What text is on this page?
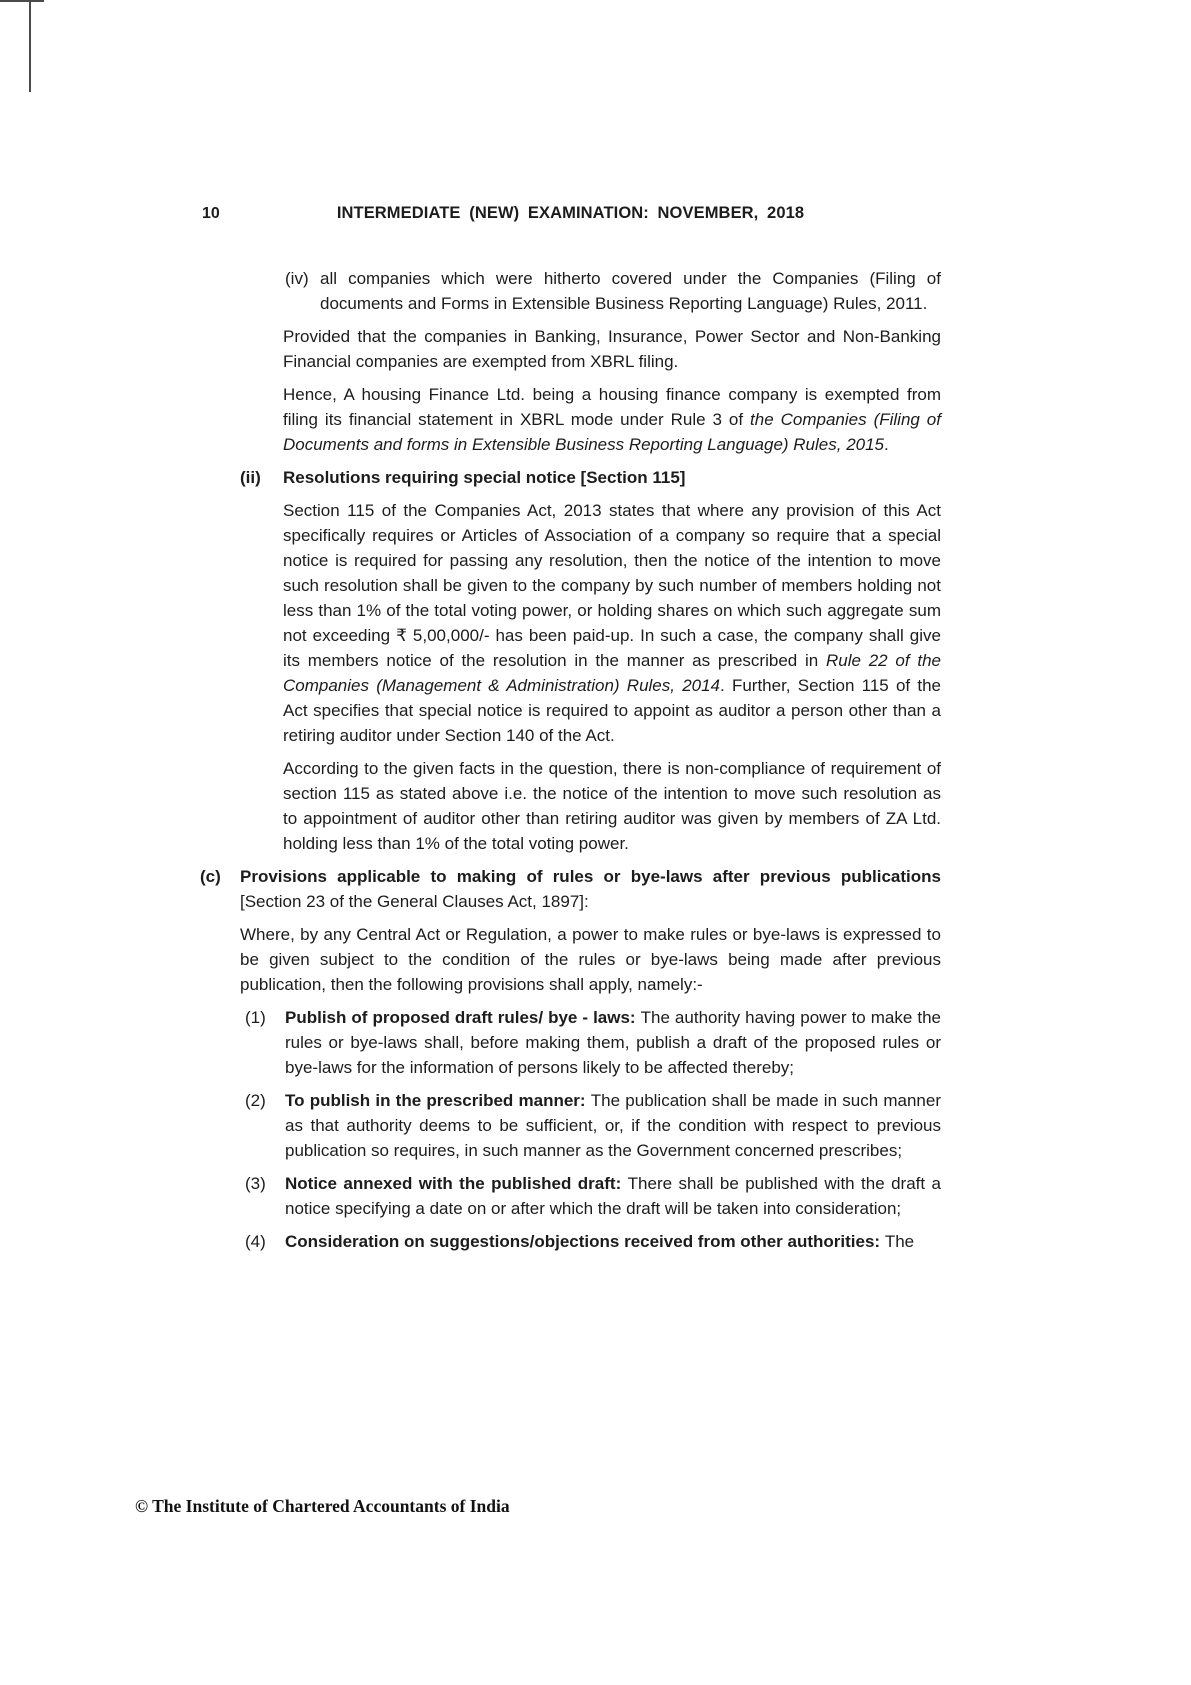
10	INTERMEDIATE (NEW) EXAMINATION: NOVEMBER, 2018
(iv) all companies which were hitherto covered under the Companies (Filing of documents and Forms in Extensible Business Reporting Language) Rules, 2011.
Provided that the companies in Banking, Insurance, Power Sector and Non-Banking Financial companies are exempted from XBRL filing.
Hence, A housing Finance Ltd. being a housing finance company is exempted from filing its financial statement in XBRL mode under Rule 3 of the Companies (Filing of Documents and forms in Extensible Business Reporting Language) Rules, 2015.
(ii) Resolutions requiring special notice [Section 115]
Section 115 of the Companies Act, 2013 states that where any provision of this Act specifically requires or Articles of Association of a company so require that a special notice is required for passing any resolution, then the notice of the intention to move such resolution shall be given to the company by such number of members holding not less than 1% of the total voting power, or holding shares on which such aggregate sum not exceeding ₹ 5,00,000/- has been paid-up. In such a case, the company shall give its members notice of the resolution in the manner as prescribed in Rule 22 of the Companies (Management & Administration) Rules, 2014. Further, Section 115 of the Act specifies that special notice is required to appoint as auditor a person other than a retiring auditor under Section 140 of the Act.
According to the given facts in the question, there is non-compliance of requirement of section 115 as stated above i.e. the notice of the intention to move such resolution as to appointment of auditor other than retiring auditor was given by members of ZA Ltd. holding less than 1% of the total voting power.
(c) Provisions applicable to making of rules or bye-laws after previous publications [Section 23 of the General Clauses Act, 1897]:
Where, by any Central Act or Regulation, a power to make rules or bye-laws is expressed to be given subject to the condition of the rules or bye-laws being made after previous publication, then the following provisions shall apply, namely:-
(1) Publish of proposed draft rules/ bye - laws: The authority having power to make the rules or bye-laws shall, before making them, publish a draft of the proposed rules or bye-laws for the information of persons likely to be affected thereby;
(2) To publish in the prescribed manner: The publication shall be made in such manner as that authority deems to be sufficient, or, if the condition with respect to previous publication so requires, in such manner as the Government concerned prescribes;
(3) Notice annexed with the published draft: There shall be published with the draft a notice specifying a date on or after which the draft will be taken into consideration;
(4) Consideration on suggestions/objections received from other authorities: The
© The Institute of Chartered Accountants of India
